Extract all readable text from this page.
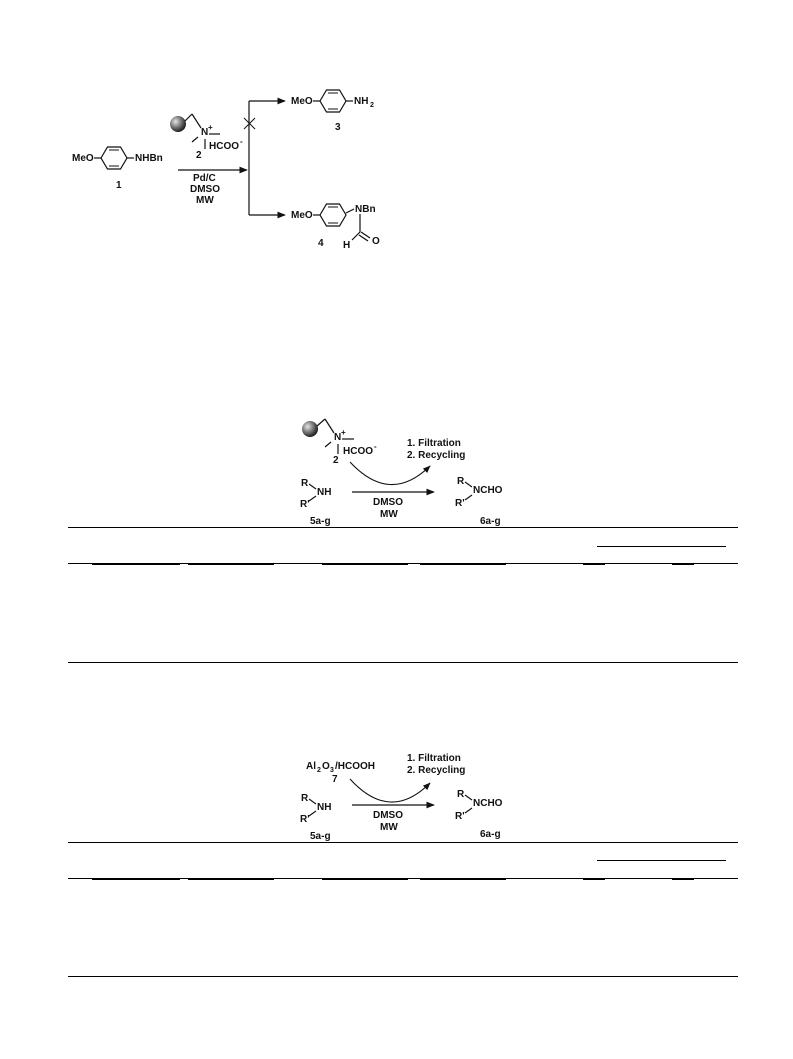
MeO	NHBn
1
N +
HCOO -
2
Pd/C
DMSO
MW
MeO	NH 2
3
MeO
NBn
H O
4
N +
HCOO -
2
1. Filtration
2. Recycling
R
NH
R'
5a-g
DMSO
MW
R
NCHO
R'
6a-g
Al 2 O 3 /HCOOH
7
1. Filtration
2. Recycling
R
NH
R'
5a-g
DMSO
MW
R
NCHO
R'
6a-g
